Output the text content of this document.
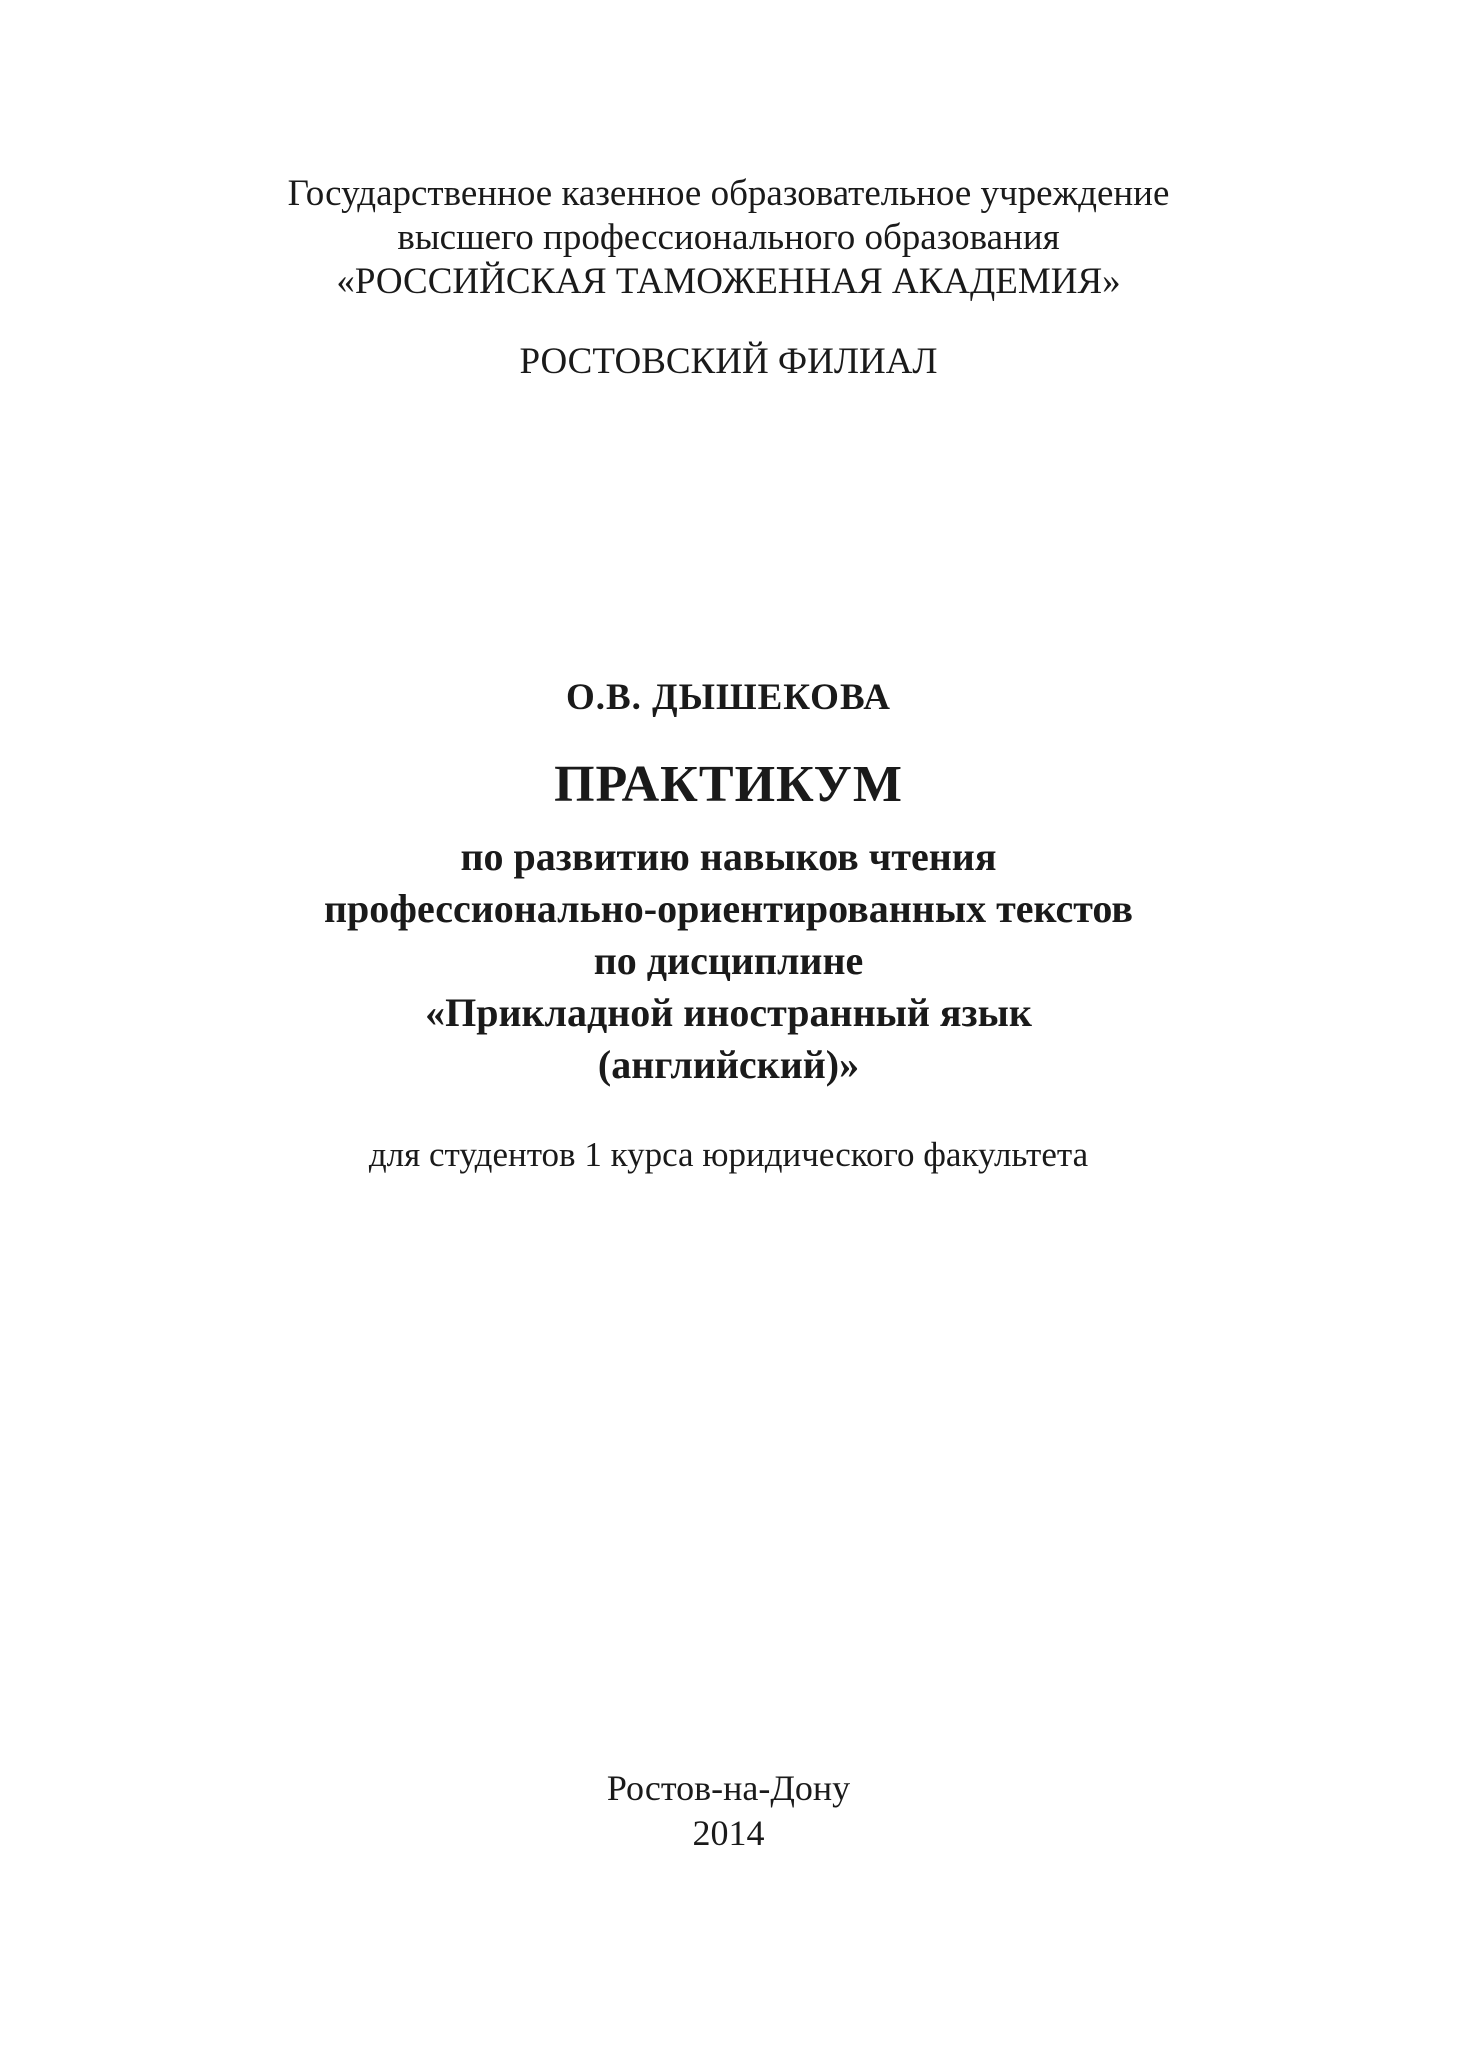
Государственное казенное образовательное учреждение
высшего профессионального образования
«РОССИЙСКАЯ ТАМОЖЕННАЯ АКАДЕМИЯ»
РОСТОВСКИЙ ФИЛИАЛ
О.В. ДЫШЕКОВА
ПРАКТИКУМ
по развитию навыков чтения
профессионально-ориентированных текстов
по дисциплине
«Прикладной иностранный язык
(английский)»
для студентов 1 курса юридического факультета
Ростов-на-Дону
2014
